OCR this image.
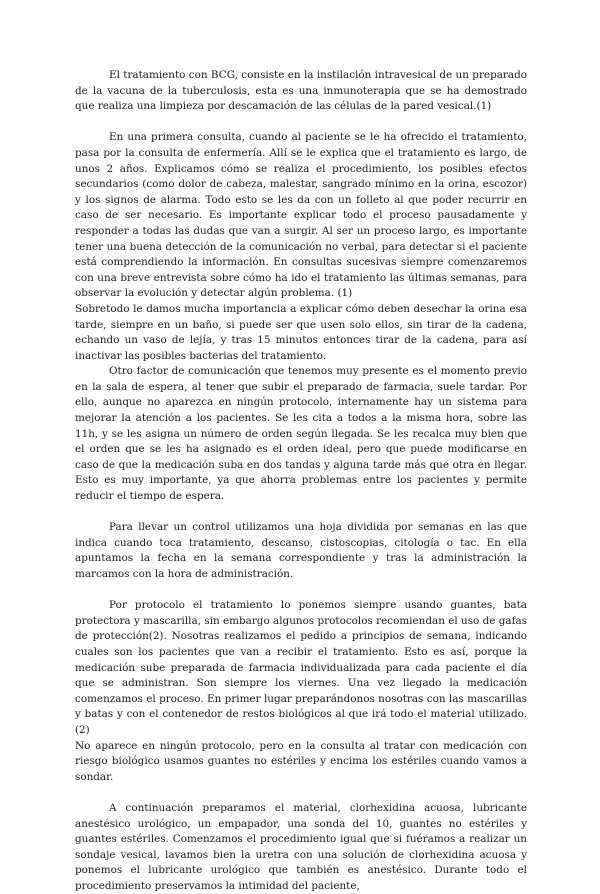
El tratamiento con BCG, consiste en la instilación intravesical de un preparado de la vacuna de la tuberculosis, esta es una inmunoterapia que se ha demostrado que realiza una limpieza por descamación de las células de la pared vesical.(1)

En una primera consulta, cuando al paciente se le ha ofrecido el tratamiento, pasa por la consulta de enfermería. Allí se le explica que el tratamiento es largo, de unos 2 años. Explicamos cómo se realiza el procedimiento, los posibles efectos secundarios (como dolor de cabeza, malestar, sangrado mínimo en la orina, escozor) y los signos de alarma. Todo esto se les da con un folleto al que poder recurrir en caso de ser necesario. Es importante explicar todo el proceso pausadamente y responder a todas las dudas que van a surgir. Al ser un proceso largo, es importante tener una buena detección de la comunicación no verbal, para detectar si el paciente está comprendiendo la información. En consultas sucesivas siempre comenzaremos con una breve entrevista sobre cómo ha ido el tratamiento las últimas semanas, para observar la evolución y detectar algún problema. (1)

Sobretodo le damos mucha importancia a explicar cómo deben desechar la orina esa tarde, siempre en un baño, si puede ser que usen solo ellos, sin tirar de la cadena, echando un vaso de lejía, y tras 15 minutos entonces tirar de la cadena, para así inactivar las posibles bacterias del tratamiento.

Otro factor de comunicación que tenemos muy presente es el momento previo en la sala de espera, al tener que subir el preparado de farmacia, suele tardar. Por ello, aunque no aparezca en ningún protocolo, internamente hay un sistema para mejorar la atención a los pacientes. Se les cita a todos a la misma hora, sobre las 11h, y se les asigna un número de orden según llegada. Se les recalca muy bien que el orden que se les ha asignado es el orden ideal, pero que puede modificarse en caso de que la medicación suba en dos tandas y alguna tarde más que otra en llegar. Esto es muy importante, ya que ahorra problemas entre los pacientes y permite reducir el tiempo de espera.

Para llevar un control utilizamos una hoja dividida por semanas en las que indica cuando toca tratamiento, descanso, cistoscopias, citología o tac. En ella apuntamos la fecha en la semana correspondiente y tras la administración la marcamos con la hora de administración.

Por protocolo el tratamiento lo ponemos siempre usando guantes, bata protectora y mascarilla, sin embargo algunos protocolos recomiendan el uso de gafas de protección(2). Nosotras realizamos el pedido a principios de semana, indicando cuales son los pacientes que van a recibir el tratamiento. Esto es así, porque la medicación sube preparada de farmacia individualizada para cada paciente el día que se administran. Son siempre los viernes. Una vez llegado la medicación comenzamos el proceso. En primer lugar preparándonos nosotras con las mascarillas y batas y con el contenedor de restos biológicos al que irá todo el material utilizado. (2)

No aparece en ningún protocolo, pero en la consulta al tratar con medicación con riesgo biológico usamos guantes no estériles y encima los estériles cuando vamos a sondar.

A continuación preparamos el material, clorhexidina acuosa, lubricante anestésico urológico, un empapador, una sonda del 10, guantes no estériles y guantes estériles. Comenzamos el procedimiento igual que si fuéramos a realizar un sondaje vesical, lavamos bien la uretra con una solución de clorhexidina acuosa y ponemos el lubricante urológico que también es anestésico. Durante todo el procedimiento preservamos la intimidad del paciente,
